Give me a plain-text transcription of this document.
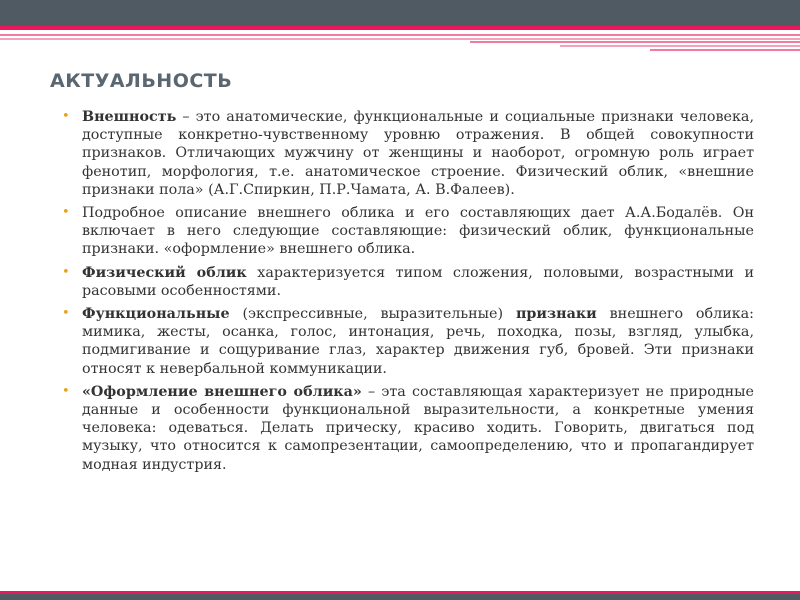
АКТУАЛЬНОСТЬ
• Внешность – это анатомические, функциональные и социальные признаки человека, доступные конкретно-чувственному уровню отражения. В общей совокупности признаков. Отличающих мужчину от женщины и наоборот, огромную роль играет фенотип, морфология, т.е. анатомическое строение. Физический облик, «внешние признаки пола» (А.Г.Спиркин, П.Р.Чамата, А. В.Фалеев).
• Подробное описание внешнего облика и его составляющих дает А.А.Бодалёв. Он включает в него следующие составляющие: физический облик, функциональные признаки. «оформление» внешнего облика.
• Физический облик характеризуется типом сложения, половыми, возрастными и расовыми особенностями.
• Функциональные (экспрессивные, выразительные) признаки внешнего облика: мимика, жесты, осанка, голос, интонация, речь, походка, позы, взгляд, улыбка, подмигивание и сощуривание глаз, характер движения губ, бровей. Эти признаки относят к невербальной коммуникации.
• «Оформление внешнего облика» – эта составляющая характеризует не природные данные и особенности функциональной выразительности, а конкретные умения человека: одеваться. Делать прическу, красиво ходить. Говорить, двигаться под музыку, что относится к самопрезентации, самоопределению, что и пропагандирует модная индустрия.
